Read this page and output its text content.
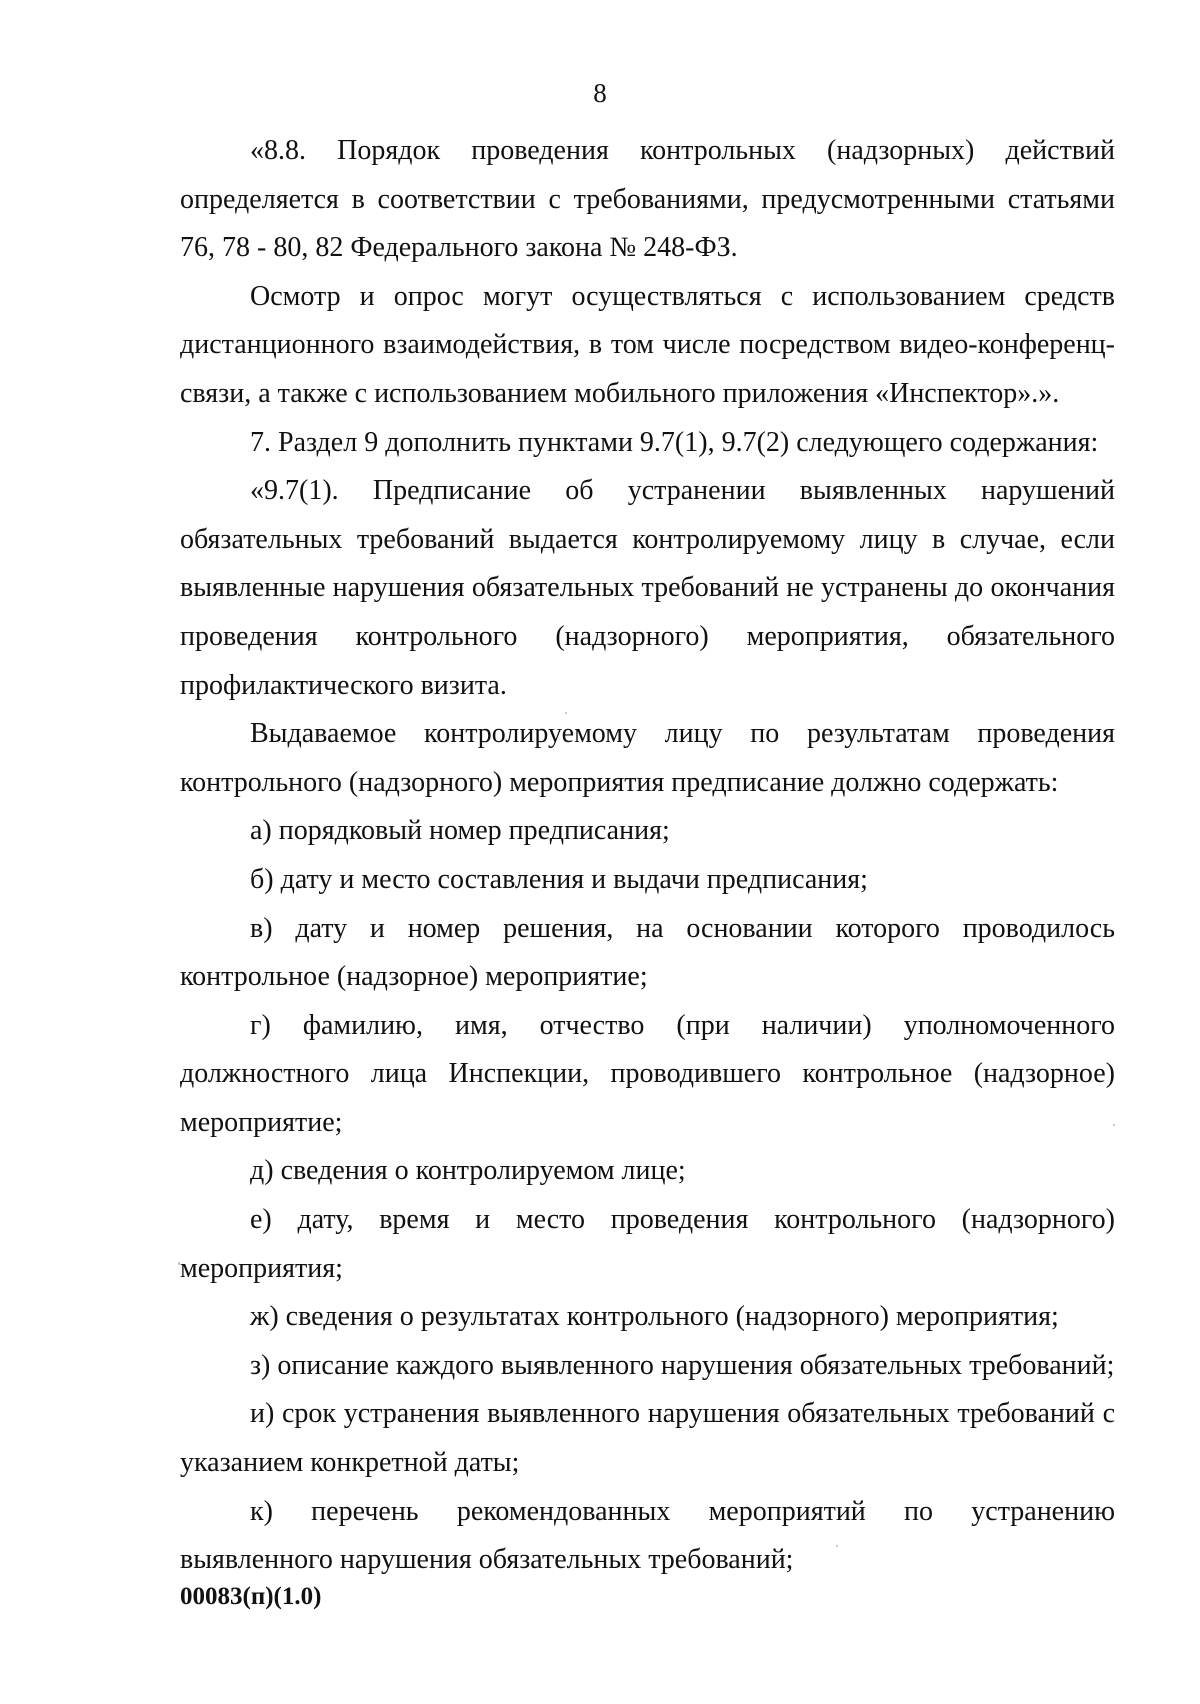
8

«8.8. Порядок проведения контрольных (надзорных) действий определяется в соответствии с требованиями, предусмотренными статьями 76, 78 - 80, 82 Федерального закона № 248-ФЗ.

Осмотр и опрос могут осуществляться с использованием средств дистанционного взаимодействия, в том числе посредством видео-конференц-связи, а также с использованием мобильного приложения «Инспектор».».

7. Раздел 9 дополнить пунктами 9.7(1), 9.7(2) следующего содержания:

«9.7(1). Предписание об устранении выявленных нарушений обязательных требований выдается контролируемому лицу в случае, если выявленные нарушения обязательных требований не устранены до окончания проведения контрольного (надзорного) мероприятия, обязательного профилактического визита.

Выдаваемое контролируемому лицу по результатам проведения контрольного (надзорного) мероприятия предписание должно содержать:

а) порядковый номер предписания;

б) дату и место составления и выдачи предписания;

в) дату и номер решения, на основании которого проводилось контрольное (надзорное) мероприятие;

г) фамилию, имя, отчество (при наличии) уполномоченного должностного лица Инспекции, проводившего контрольное (надзорное) мероприятие;

д) сведения о контролируемом лице;

е) дату, время и место проведения контрольного (надзорного) мероприятия;

ж) сведения о результатах контрольного (надзорного) мероприятия;

з) описание каждого выявленного нарушения обязательных требований;

и) срок устранения выявленного нарушения обязательных требований с указанием конкретной даты;

к) перечень рекомендованных мероприятий по устранению выявленного нарушения обязательных требований;

00083(п)(1.0)
